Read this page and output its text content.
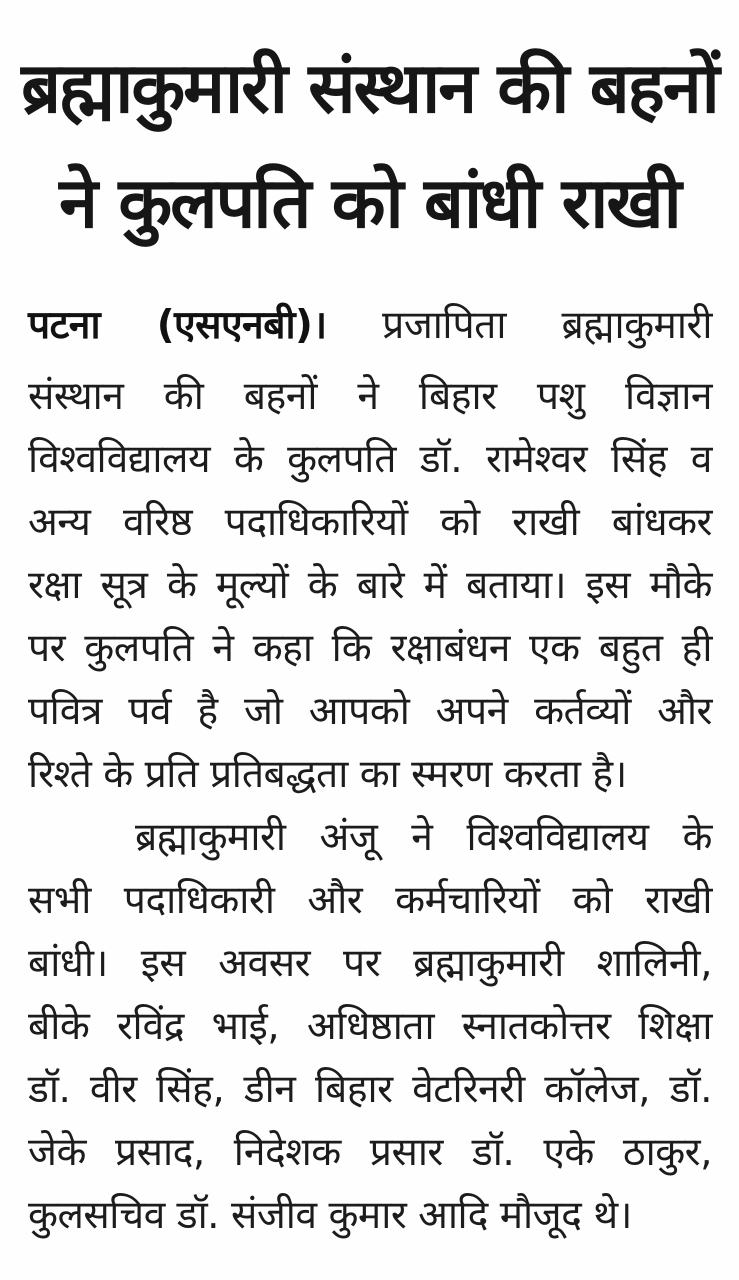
ब्रह्माकुमारी संस्थान की बहनों
ने कुलपति को बांधी राखी
पटना (एसएनबी)। प्रजापिता ब्रह्माकुमारी
संस्थान की बहनों ने बिहार पशु विज्ञान
विश्वविद्यालय के कुलपति डॉ. रामेश्वर सिंह व
अन्य वरिष्ठ पदाधिकारियों को राखी बांधकर
रक्षा सूत्र के मूल्यों के बारे में बताया। इस मौके
पर कुलपति ने कहा कि रक्षाबंधन एक बहुत ही
पवित्र पर्व है जो आपको अपने कर्तव्यों और
रिश्ते के प्रति प्रतिबद्धता का स्मरण करता है।
ब्रह्माकुमारी अंजू ने विश्वविद्यालय के
सभी पदाधिकारी और कर्मचारियों को राखी
बांधी। इस अवसर पर ब्रह्माकुमारी शालिनी,
बीके रविंद्र भाई, अधिष्ठाता स्नातकोत्तर शिक्षा
डॉ. वीर सिंह, डीन बिहार वेटरिनरी कॉलेज, डॉ.
जेके प्रसाद, निदेशक प्रसार डॉ. एके ठाकुर,
कुलसचिव डॉ. संजीव कुमार आदि मौजूद थे।
